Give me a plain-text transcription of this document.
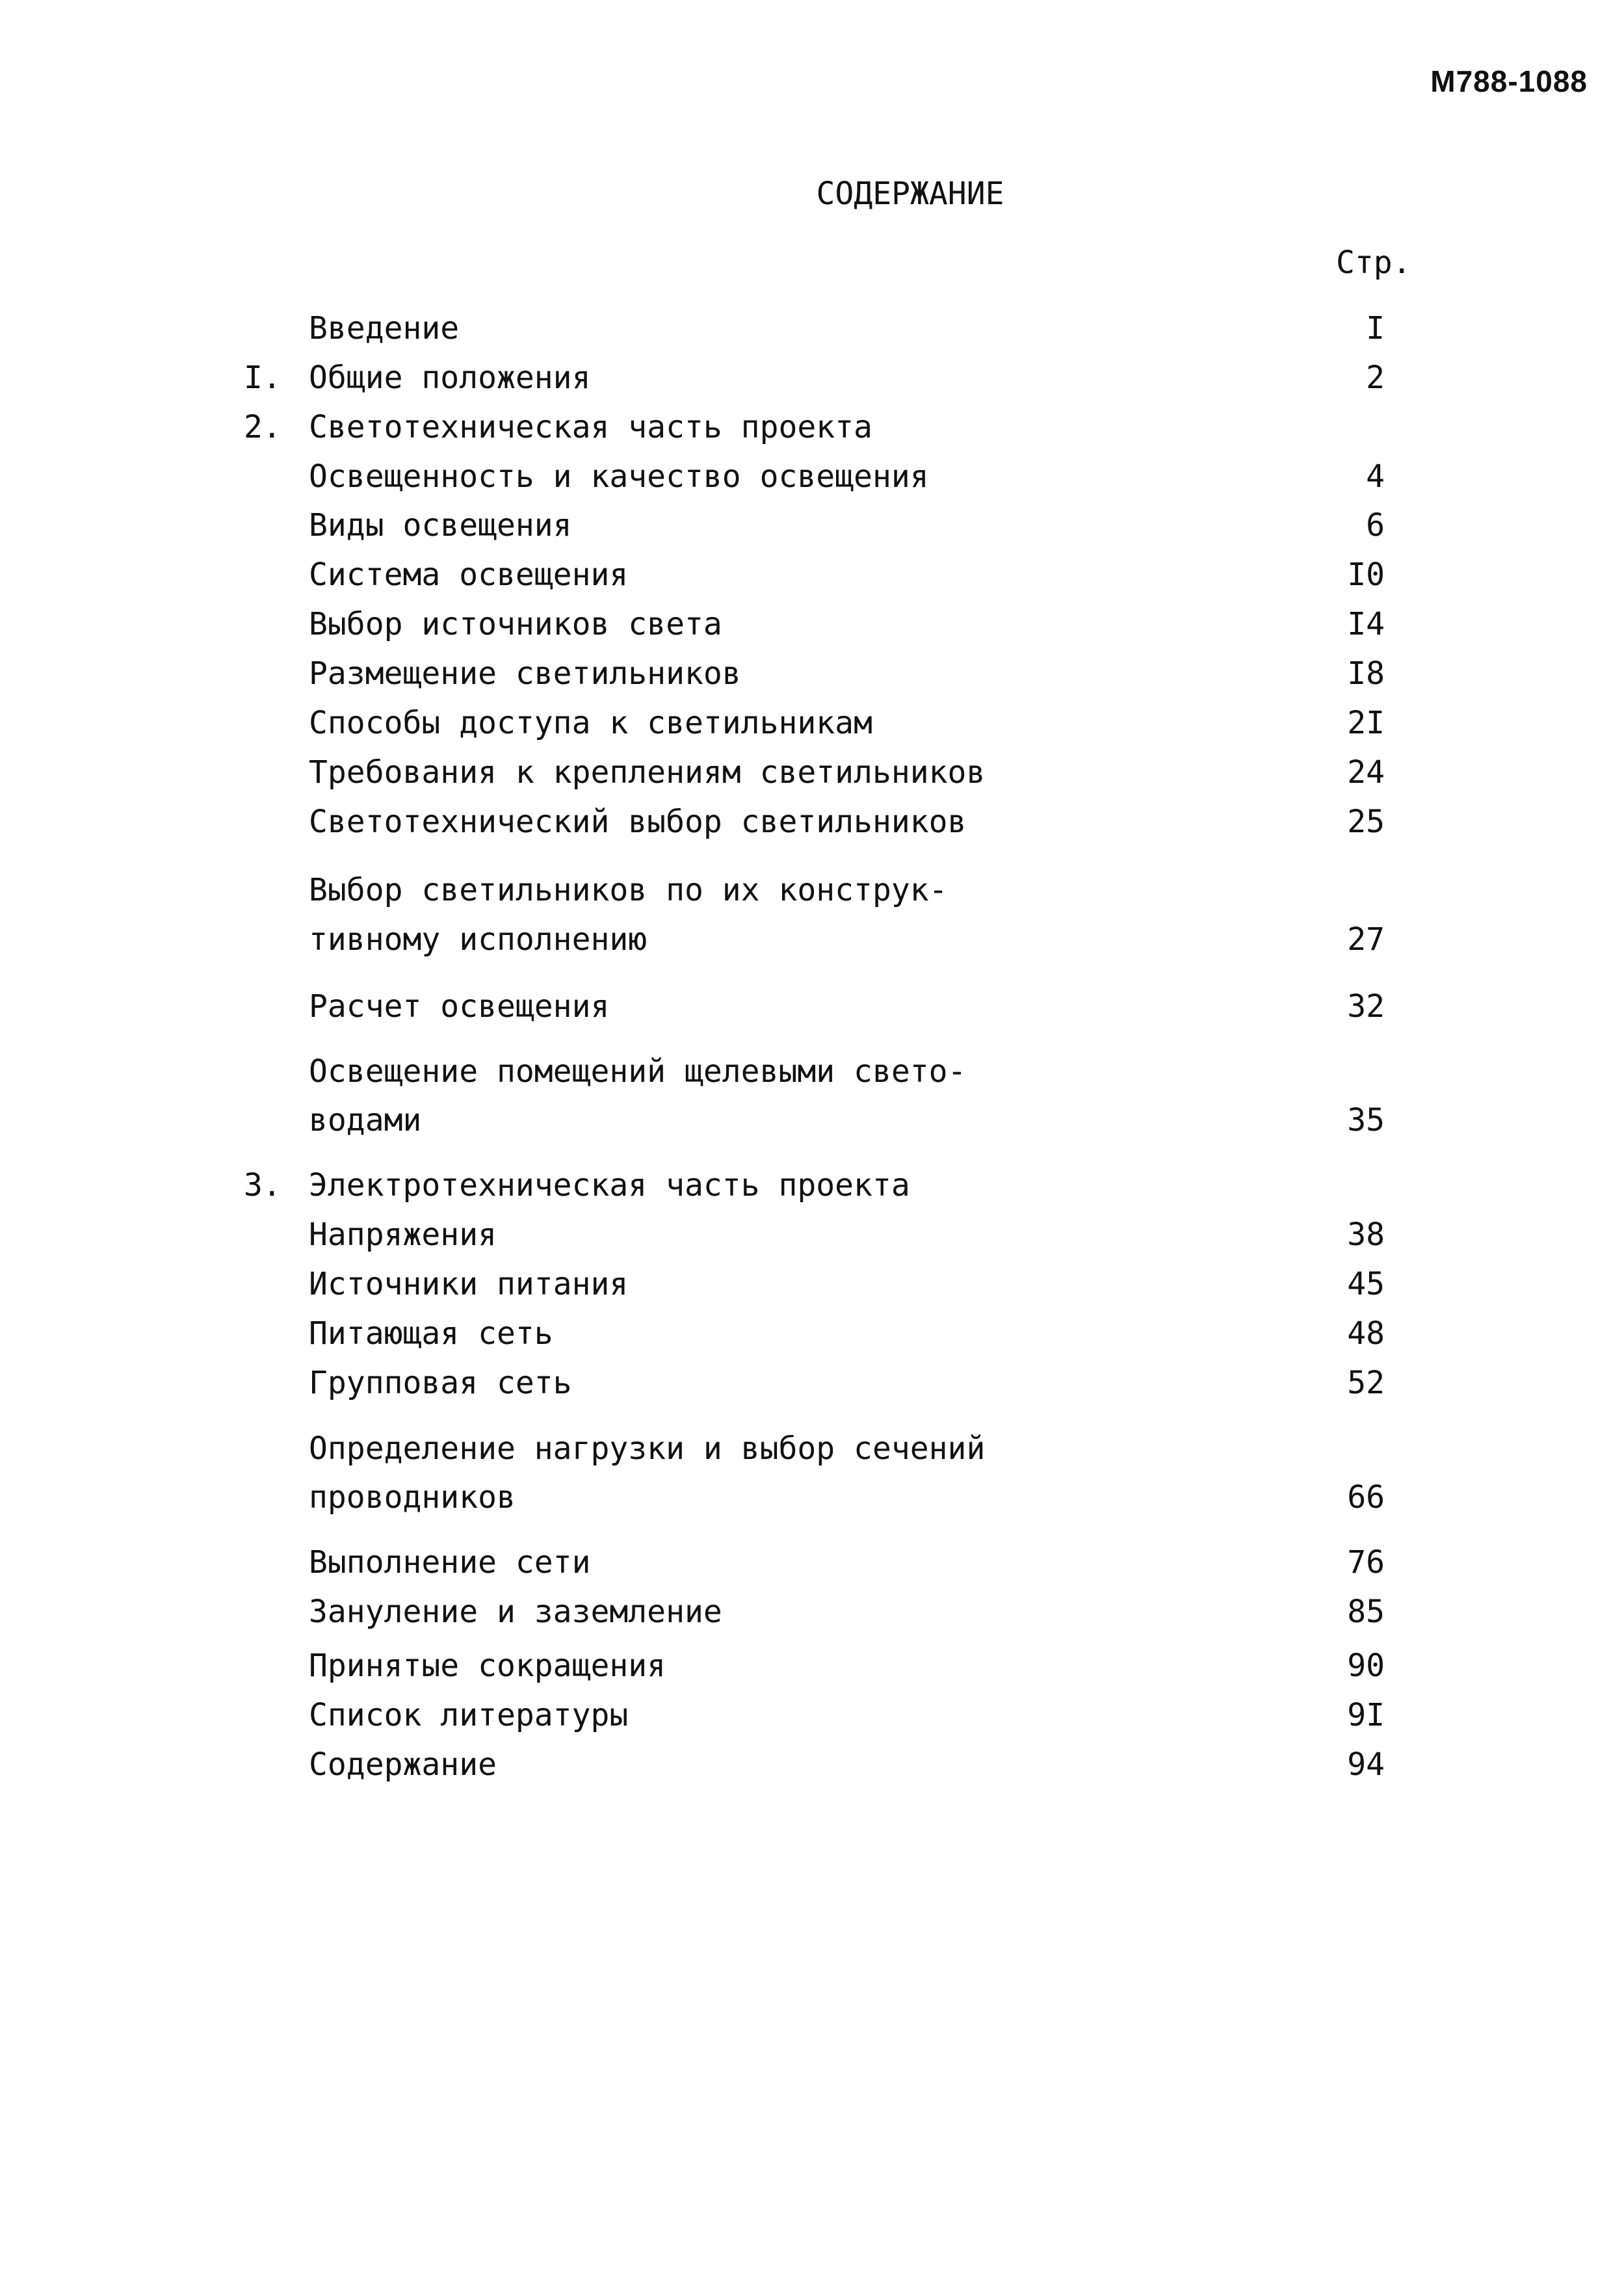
M788-1088
СОДЕРЖАНИЕ
Стр.
Введение	I
I. Общие положения	2
2. Светотехническая часть проекта
Освещенность и качество освещения	4
Виды освещения	6
Система освещения	I0
Выбор источников света	I4
Размещение светильников	I8
Способы доступа к светильникам	2I
Требования к креплениям светильников	24
Светотехнический выбор светильников	25
Выбор светильников по их конструк-
тивному исполнению	27
Расчет освещения	32
Освещение помещений щелевыми свето-
водами	35
3. Электротехническая часть проекта
Напряжения	38
Источники питания	45
Питающая сеть	48
Групповая сеть	52
Определение нагрузки и выбор сечений
проводников	66
Выполнение сети	76
Зануление и заземление	85
Принятые сокращения	90
Список литературы	9I
Содержание	94
